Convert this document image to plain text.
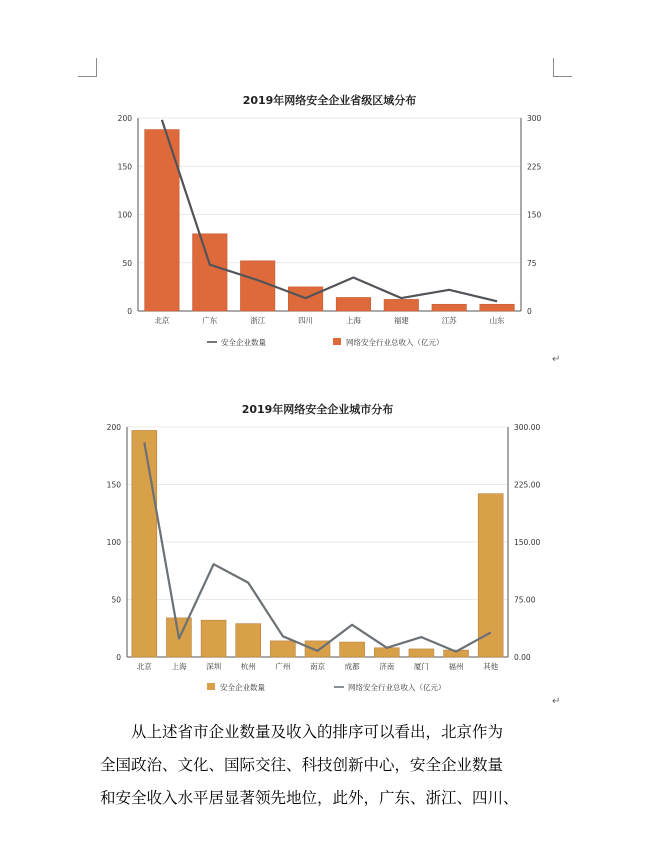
2019年网络安全企业省级区域分布
0
50
100
150
200
0
75
150
225
300
北京	广东	浙江	四川	上海	福建	江苏	山东
安全企业数量	网络安全行业总收入（亿元）
↵
2019年网络安全企业城市分布
0
50
100
150
200
0.00
75.00
150.00
225.00
300.00
北京	上海	深圳	杭州	广州	南京	成都	济南	厦门	福州	其他
安全企业数量	网络安全行业总收入（亿元）
↵

从上述省市企业数量及收入的排序可以看出，北京作为

全国政治、文化、国际交往、科技创新中心，安全企业数量

和安全收入水平居显著领先地位，此外，广东、浙江、四川、
